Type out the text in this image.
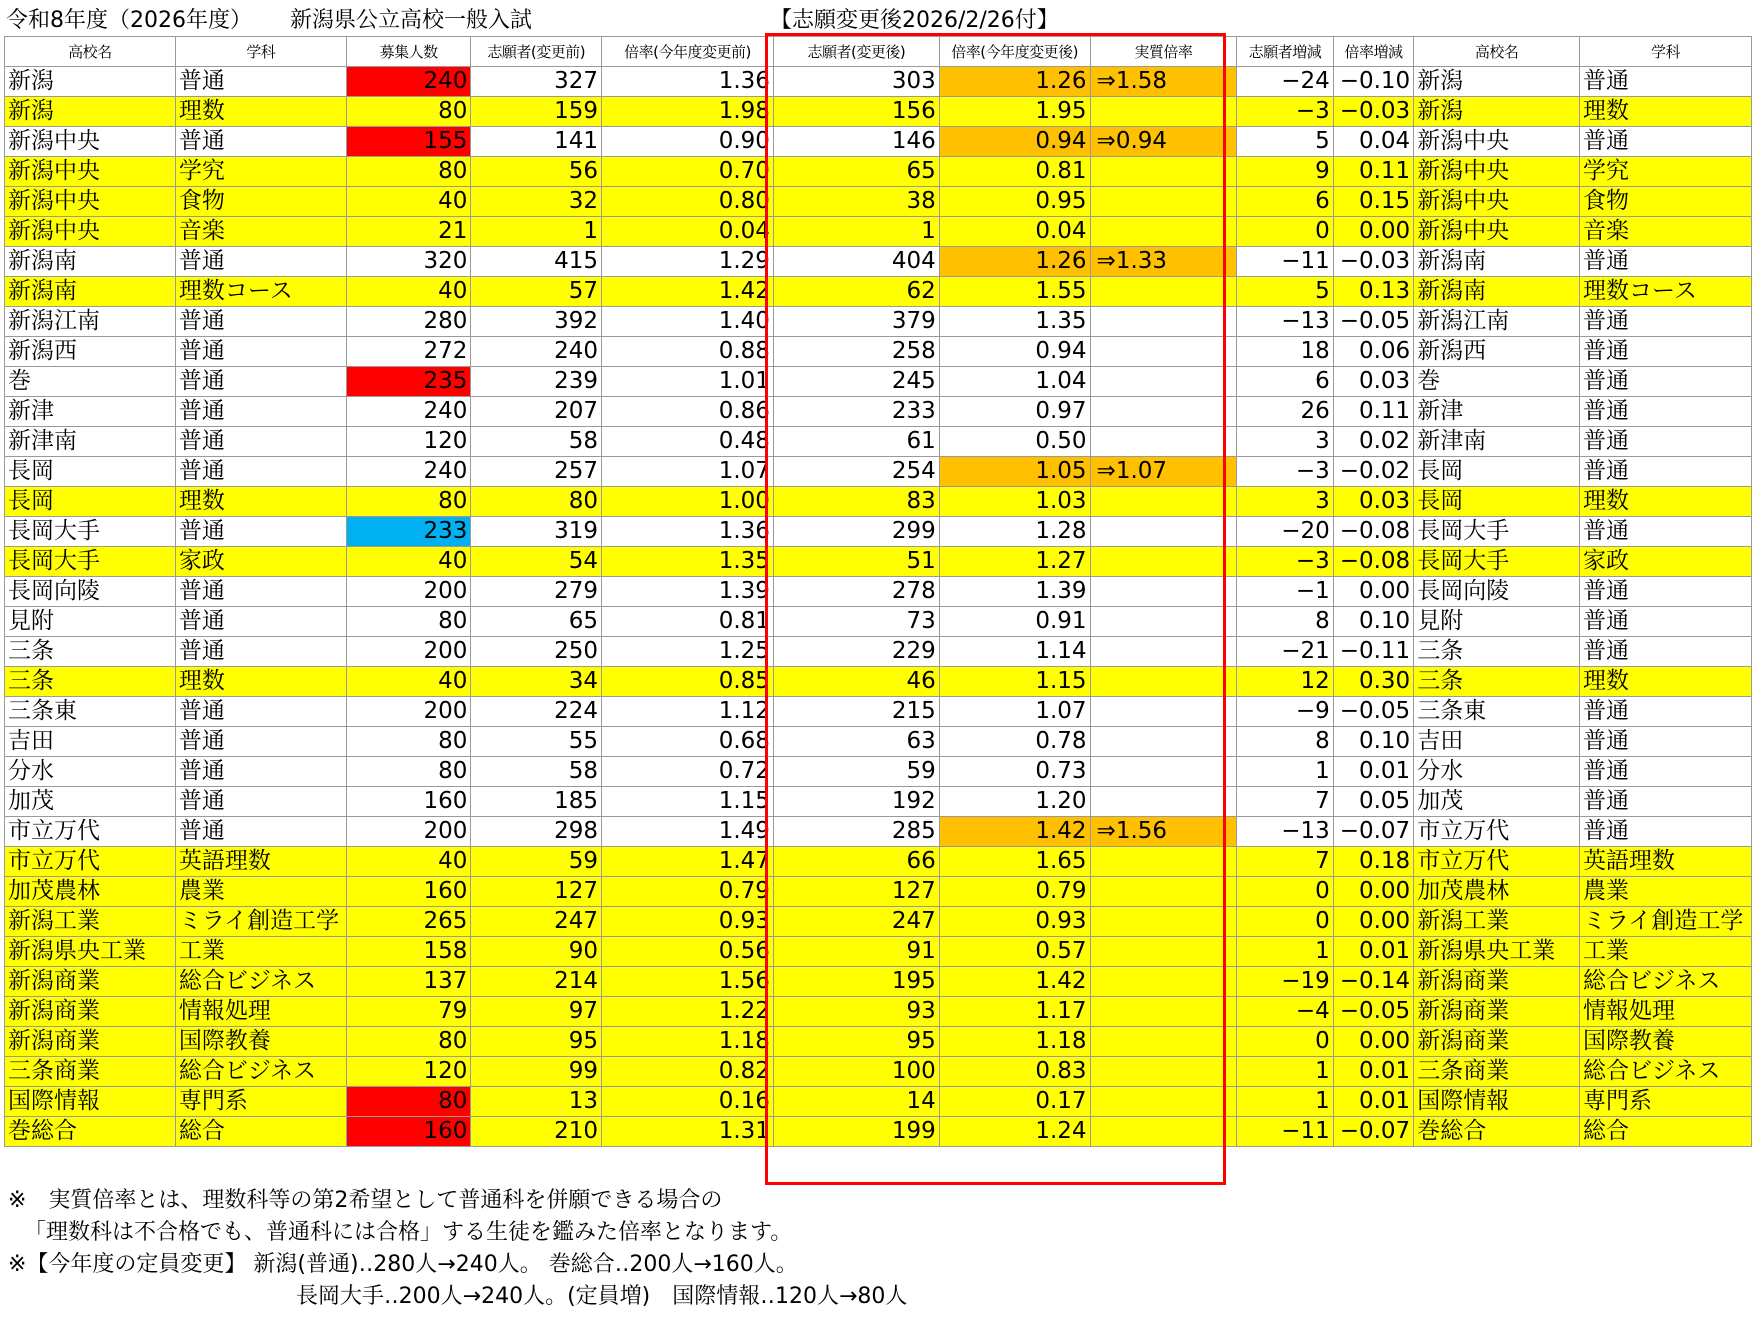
令和8年度（2026年度） 新潟県公立高校一般入試	【志願変更後2026/2/26付】
高校名	学科	募集人数	志願者(変更前)	倍率(今年度変更前)	志願者(変更後)	倍率(今年度変更後)	実質倍率	志願者増減	倍率増減	高校名	学科
新潟	普通	240	327	1.36	303	1.26	⇒1.58	−24	−0.10	新潟	普通
新潟	理数	80	159	1.98	156	1.95		−3	−0.03	新潟	理数
新潟中央	普通	155	141	0.90	146	0.94	⇒0.94	5	0.04	新潟中央	普通
新潟中央	学究	80	56	0.70	65	0.81		9	0.11	新潟中央	学究
新潟中央	食物	40	32	0.80	38	0.95		6	0.15	新潟中央	食物
新潟中央	音楽	21	1	0.04	1	0.04		0	0.00	新潟中央	音楽
新潟南	普通	320	415	1.29	404	1.26	⇒1.33	−11	−0.03	新潟南	普通
新潟南	理数コース	40	57	1.42	62	1.55		5	0.13	新潟南	理数コース
新潟江南	普通	280	392	1.40	379	1.35		−13	−0.05	新潟江南	普通
新潟西	普通	272	240	0.88	258	0.94		18	0.06	新潟西	普通
巻	普通	235	239	1.01	245	1.04		6	0.03	巻	普通
新津	普通	240	207	0.86	233	0.97		26	0.11	新津	普通
新津南	普通	120	58	0.48	61	0.50		3	0.02	新津南	普通
長岡	普通	240	257	1.07	254	1.05	⇒1.07	−3	−0.02	長岡	普通
長岡	理数	80	80	1.00	83	1.03		3	0.03	長岡	理数
長岡大手	普通	233	319	1.36	299	1.28		−20	−0.08	長岡大手	普通
長岡大手	家政	40	54	1.35	51	1.27		−3	−0.08	長岡大手	家政
長岡向陵	普通	200	279	1.39	278	1.39		−1	0.00	長岡向陵	普通
見附	普通	80	65	0.81	73	0.91		8	0.10	見附	普通
三条	普通	200	250	1.25	229	1.14		−21	−0.11	三条	普通
三条	理数	40	34	0.85	46	1.15		12	0.30	三条	理数
三条東	普通	200	224	1.12	215	1.07		−9	−0.05	三条東	普通
吉田	普通	80	55	0.68	63	0.78		8	0.10	吉田	普通
分水	普通	80	58	0.72	59	0.73		1	0.01	分水	普通
加茂	普通	160	185	1.15	192	1.20		7	0.05	加茂	普通
市立万代	普通	200	298	1.49	285	1.42	⇒1.56	−13	−0.07	市立万代	普通
市立万代	英語理数	40	59	1.47	66	1.65		7	0.18	市立万代	英語理数
加茂農林	農業	160	127	0.79	127	0.79		0	0.00	加茂農林	農業
新潟工業	ミライ創造工学	265	247	0.93	247	0.93		0	0.00	新潟工業	ミライ創造工学
新潟県央工業	工業	158	90	0.56	91	0.57		1	0.01	新潟県央工業	工業
新潟商業	総合ビジネス	137	214	1.56	195	1.42		−19	−0.14	新潟商業	総合ビジネス
新潟商業	情報処理	79	97	1.22	93	1.17		−4	−0.05	新潟商業	情報処理
新潟商業	国際教養	80	95	1.18	95	1.18		0	0.00	新潟商業	国際教養
三条商業	総合ビジネス	120	99	0.82	100	0.83		1	0.01	三条商業	総合ビジネス
国際情報	専門系	80	13	0.16	14	0.17		1	0.01	国際情報	専門系
巻総合	総合	160	210	1.31	199	1.24		−11	−0.07	巻総合	総合
※　実質倍率とは、理数科等の第2希望として普通科を併願できる場合の
「理数科は不合格でも、普通科には合格」する生徒を鑑みた倍率となります。
※【今年度の定員変更】 新潟(普通)‥280人→240人。 巻総合‥200人→160人。
長岡大手‥200人→240人。(定員増)　国際情報‥120人→80人
